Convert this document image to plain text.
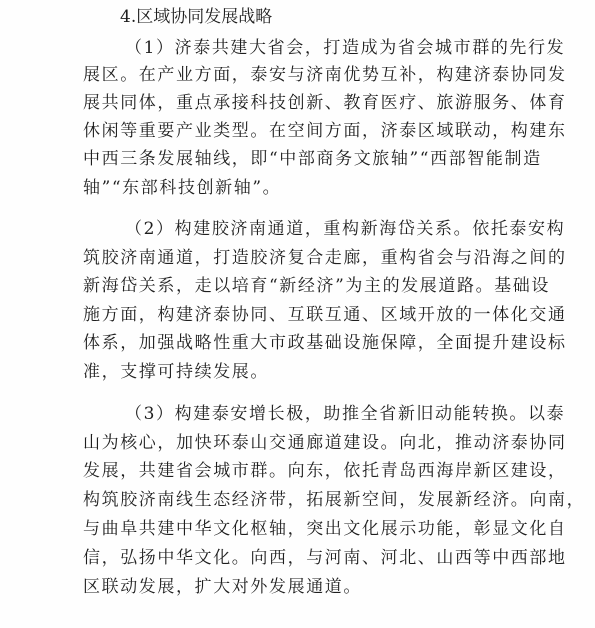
4.区域协同发展战略
（1）济泰共建大省会，打造成为省会城市群的先行发
展区。在产业方面，泰安与济南优势互补，构建济泰协同发
展共同体，重点承接科技创新、教育医疗、旅游服务、体育
休闲等重要产业类型。在空间方面，济泰区域联动，构建东
中西三条发展轴线，即“中部商务文旅轴”“西部智能制造
轴”“东部科技创新轴”。
（2）构建胶济南通道，重构新海岱关系。依托泰安构
筑胶济南通道，打造胶济复合走廊，重构省会与沿海之间的
新海岱关系，走以培育“新经济”为主的发展道路。基础设
施方面，构建济泰协同、互联互通、区域开放的一体化交通
体系，加强战略性重大市政基础设施保障，全面提升建设标
准，支撑可持续发展。
（3）构建泰安增长极，助推全省新旧动能转换。以泰
山为核心，加快环泰山交通廊道建设。向北，推动济泰协同
发展，共建省会城市群。向东，依托青岛西海岸新区建设，
构筑胶济南线生态经济带，拓展新空间，发展新经济。向南，
与曲阜共建中华文化枢轴，突出文化展示功能，彰显文化自
信，弘扬中华文化。向西，与河南、河北、山西等中西部地
区联动发展，扩大对外发展通道。
